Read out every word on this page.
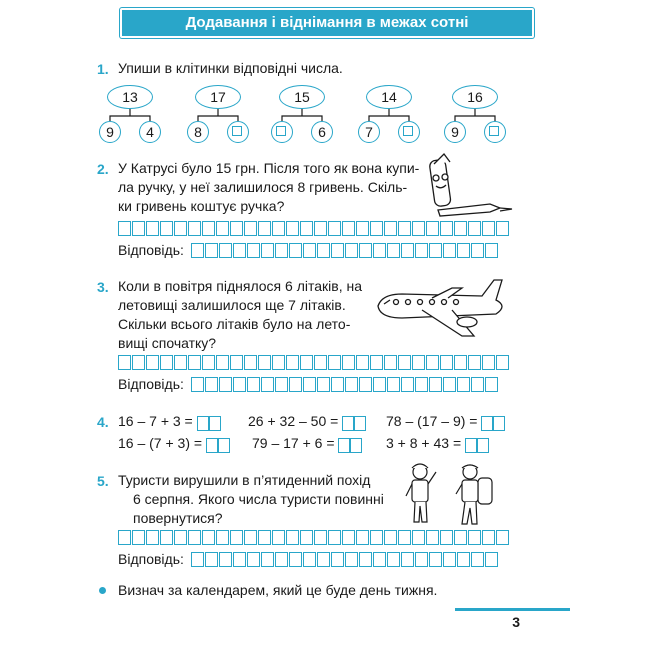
Додавання і віднімання в межах сотні
1. Упиши в клітинки відповідні числа.
13
9	4
17
8
15
6
14
7
16
9
2. У Катрусі було 15 грн. Після того як вона купи-
ла ручку, у неї залишилося 8 гривень. Скіль-
ки гривень коштує ручка?
Відповідь:
3. Коли в повітря піднялося 6 літаків, на
летовищі залишилося ще 7 літаків.
Скільки всього літаків було на лето-
вищі спочатку?
Відповідь:
4. 16 – 7 + 3 =	26 + 32 – 50 =	78 – (17 – 9) =
16 – (7 + 3) =	79 – 17 + 6 =	3 + 8 + 43 =
5. Туристи вирушили в п’ятиденний похід
6 серпня. Якого числа туристи повинні
повернутися?
Відповідь:
Визнач за календарем, який це буде день тижня.
3
